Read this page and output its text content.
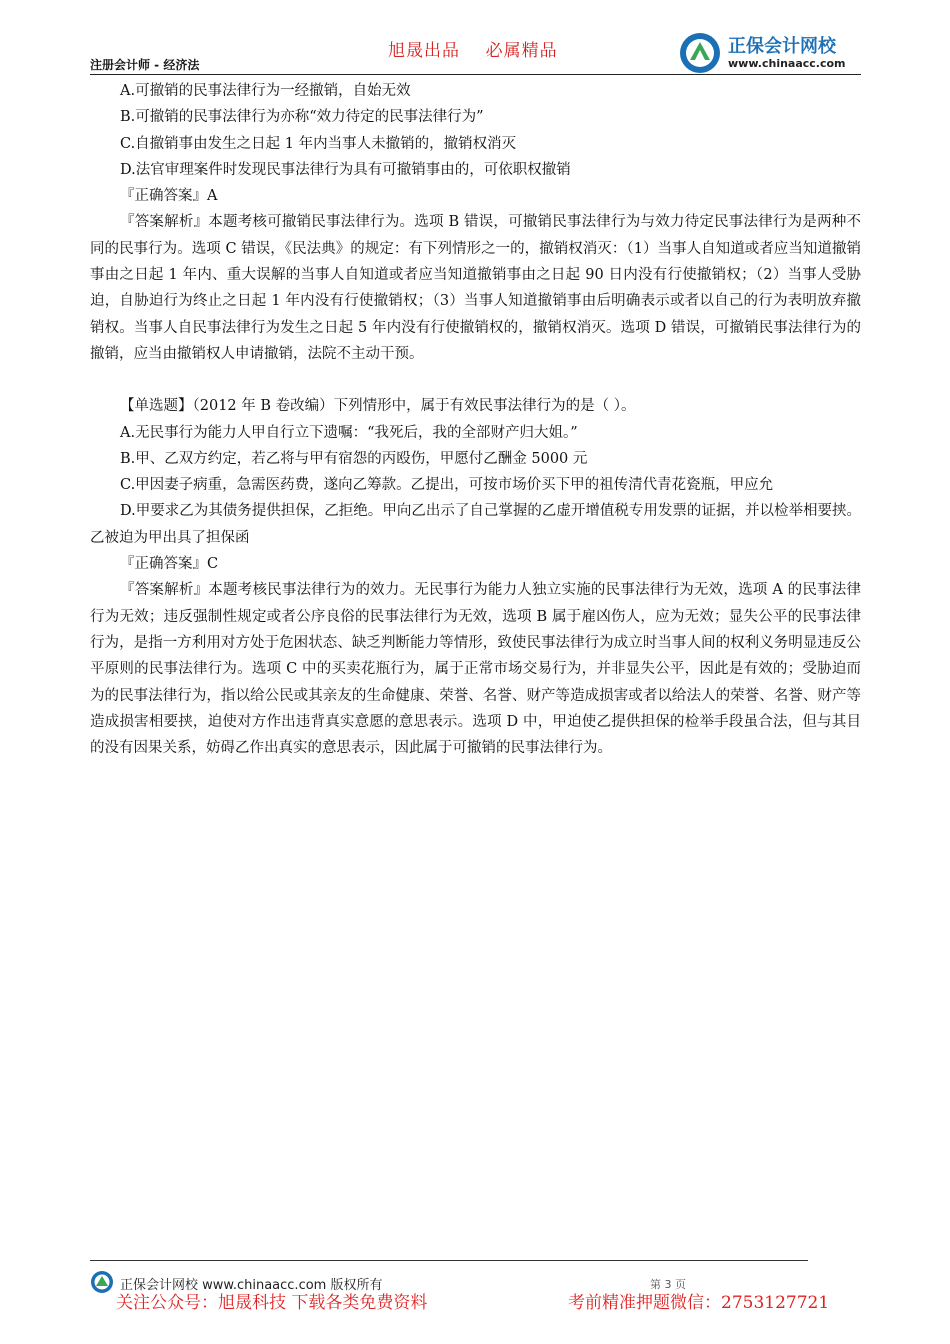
注册会计师 - 经济法
旭晟出品    必属精品	正保会计网校
www.chinaacc.com

A.可撤销的民事法律行为一经撤销，自始无效

B.可撤销的民事法律行为亦称“效力待定的民事法律行为”

C.自撤销事由发生之日起 1 年内当事人未撤销的，撤销权消灭

D.法官审理案件时发现民事法律行为具有可撤销事由的，可依职权撤销

『正确答案』A

『答案解析』本题考核可撤销民事法律行为。选项 B 错误，可撤销民事法律行为与效力待定民事法律行为是两种不同的民事行为。选项 C 错误，《民法典》的规定：有下列情形之一的，撤销权消灭：（1）当事人自知道或者应当知道撤销事由之日起 1 年内、重大误解的当事人自知道或者应当知道撤销事由之日起 90 日内没有行使撤销权；（2）当事人受胁迫，自胁迫行为终止之日起 1 年内没有行使撤销权；（3）当事人知道撤销事由后明确表示或者以自己的行为表明放弃撤销权。当事人自民事法律行为发生之日起 5 年内没有行使撤销权的，撤销权消灭。选项 D 错误，可撤销民事法律行为的撤销，应当由撤销权人申请撤销，法院不主动干预。

【单选题】（2012 年 B 卷改编）下列情形中，属于有效民事法律行为的是（ ）。

A.无民事行为能力人甲自行立下遗嘱：“我死后，我的全部财产归大姐。”

B.甲、乙双方约定，若乙将与甲有宿怨的丙殴伤，甲愿付乙酬金 5000 元

C.甲因妻子病重，急需医药费，遂向乙筹款。乙提出，可按市场价买下甲的祖传清代青花瓷瓶，甲应允

D.甲要求乙为其债务提供担保，乙拒绝。甲向乙出示了自己掌握的乙虚开增值税专用发票的证据，并以检举相要挟。乙被迫为甲出具了担保函

『正确答案』C

『答案解析』本题考核民事法律行为的效力。无民事行为能力人独立实施的民事法律行为无效，选项 A 的民事法律行为无效；违反强制性规定或者公序良俗的民事法律行为无效，选项 B 属于雇凶伤人，应为无效；显失公平的民事法律行为，是指一方利用对方处于危困状态、缺乏判断能力等情形，致使民事法律行为成立时当事人间的权利义务明显违反公平原则的民事法律行为。选项 C 中的买卖花瓶行为，属于正常市场交易行为，并非显失公平，因此是有效的；受胁迫而为的民事法律行为，指以给公民或其亲友的生命健康、荣誉、名誉、财产等造成损害或者以给法人的荣誉、名誉、财产等造成损害相要挟，迫使对方作出违背真实意愿的意思表示。选项 D 中，甲迫使乙提供担保的检举手段虽合法，但与其目的没有因果关系，妨碍乙作出真实的意思表示，因此属于可撤销的民事法律行为。

正保会计网校 www.chinaacc.com 版权所有	第 3 页
关注公众号：旭晟科技 下载各类免费资料	考前精准押题微信：2753127721
